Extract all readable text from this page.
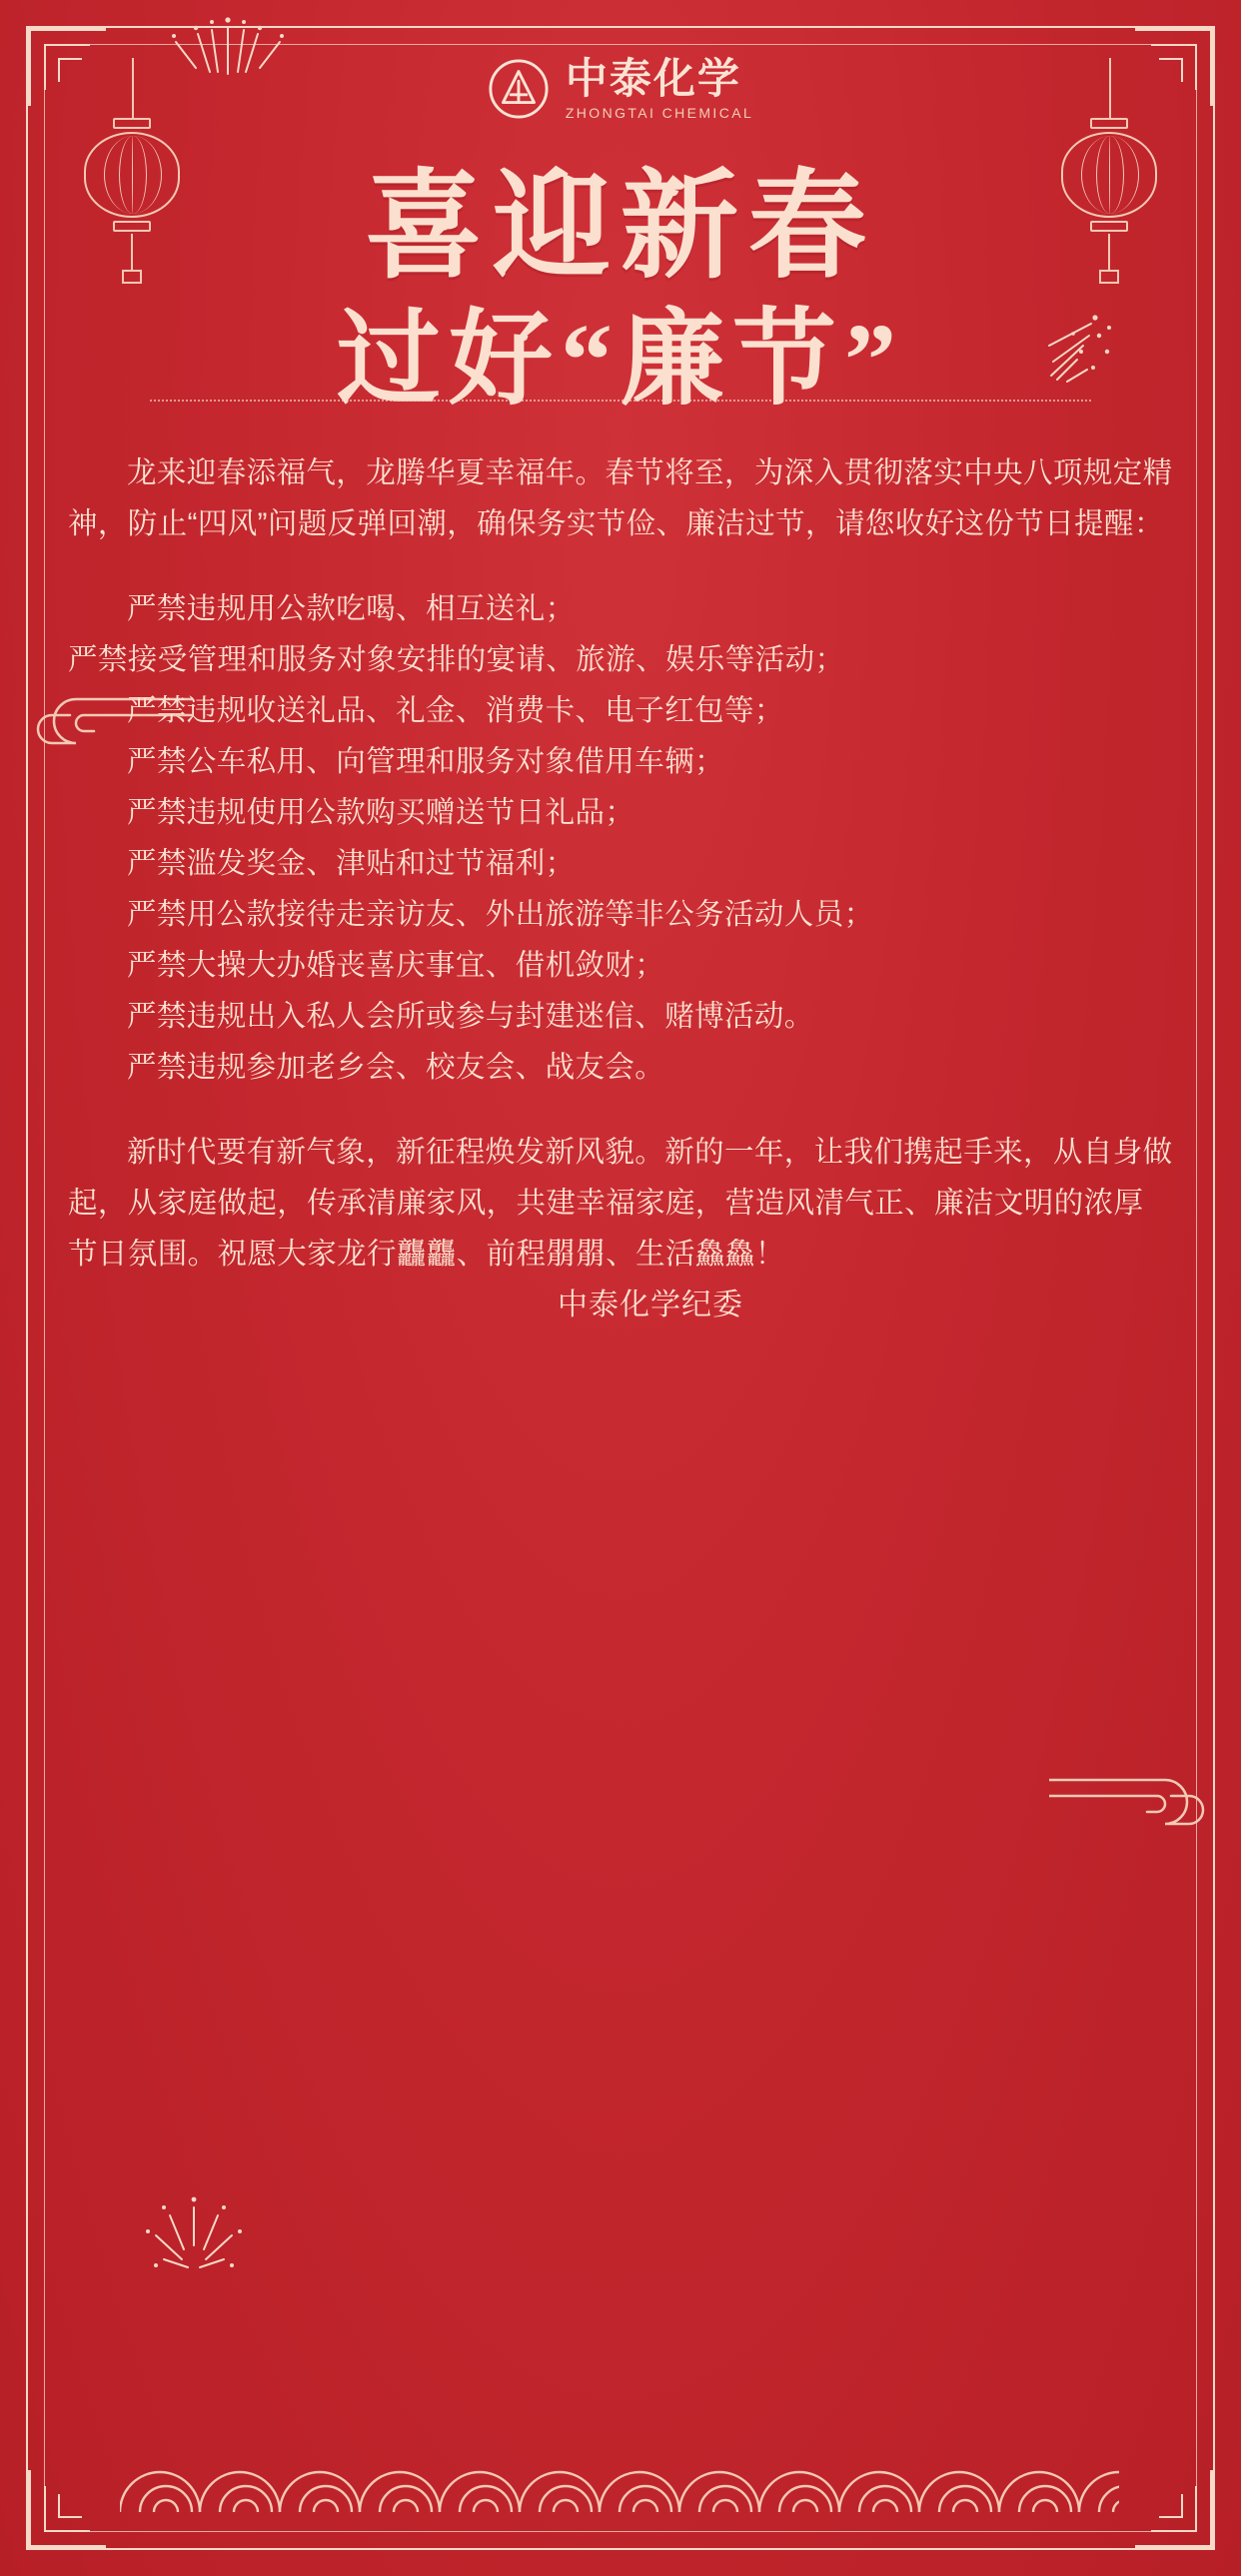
中泰化学
ZHONGTAI CHEMICAL
喜迎新春
过好“廉节”

龙来迎春添福气，龙腾华夏幸福年。春节将至，为深入贯彻落实中央八项规定精神，防止“四风”问题反弹回潮，确保务实节俭、廉洁过节，请您收好这份节日提醒：

严禁违规用公款吃喝、相互送礼；

严禁接受管理和服务对象安排的宴请、旅游、娱乐等活动；

严禁违规收送礼品、礼金、消费卡、电子红包等；

严禁公车私用、向管理和服务对象借用车辆；

严禁违规使用公款购买赠送节日礼品；

严禁滥发奖金、津贴和过节福利；

严禁用公款接待走亲访友、外出旅游等非公务活动人员；

严禁大操大办婚丧喜庆事宜、借机敛财；

严禁违规出入私人会所或参与封建迷信、赌博活动。

严禁违规参加老乡会、校友会、战友会。

新时代要有新气象，新征程焕发新风貌。新的一年，让我们携起手来，从自身做起，从家庭做起，传承清廉家风，共建幸福家庭，营造风清气正、廉洁文明的浓厚节日氛围。祝愿大家龙行龘龘、前程朤朤、生活鱻鱻！

中泰化学纪委
